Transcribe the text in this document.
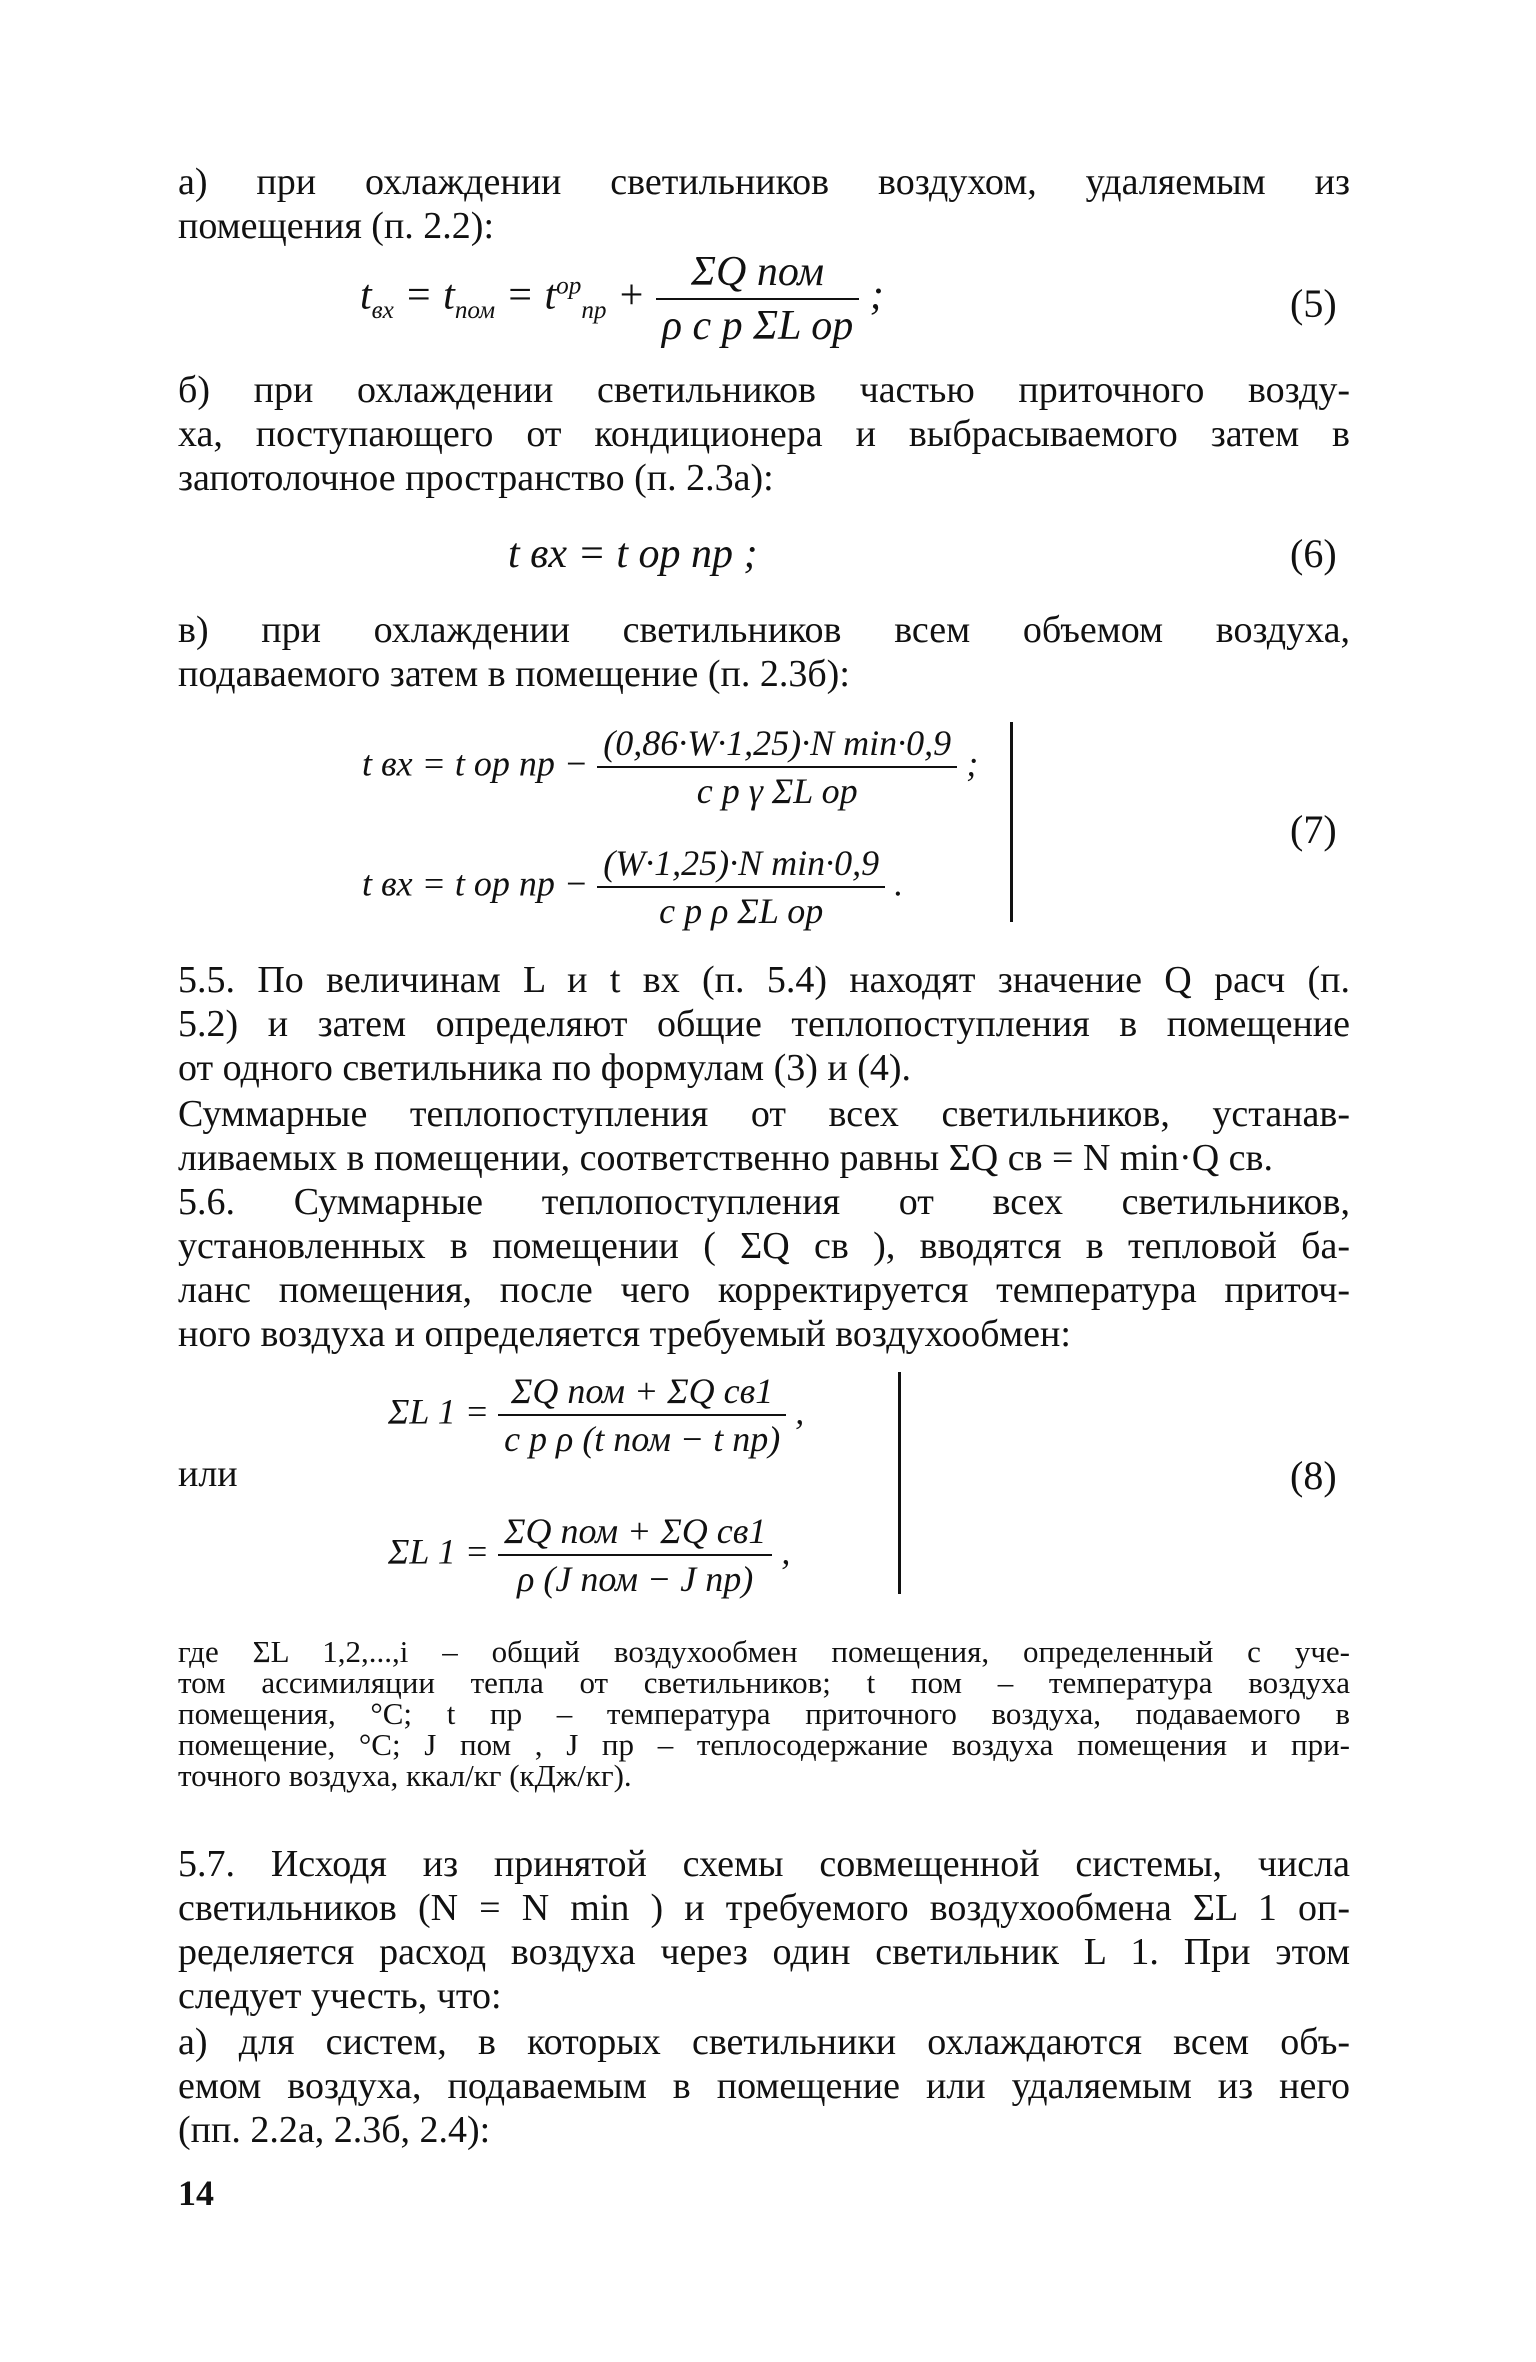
а) при охлаждении светильников воздухом, удаляемым из
помещения (п. 2.2):
$t_{вх} = t_{пом} = t^{ор}_{пр} + \frac{\text{ΣQ пом}}{\text{ρ c p ΣL ор}}$ ;	(5)
б) при охлаждении светильников частью приточного возду-
ха, поступающего от кондиционера и выбрасываемого затем в
запотолочное пространство (п. 2.3а):
t вх = t ор пр ;	(6)
в) при охлаждении светильников всем объемом воздуха,
подаваемого затем в помещение (п. 2.3б):
t вх = t ор пр − $\frac{\text{(0,86·W·1,25)·N min·0,9}}{\text{c p γ ΣL ор}}$ ;
t вх = t ор пр − $\frac{\text{(W·1,25)·N min·0,9}}{\text{c p ρ ΣL ор}}$ .
(7)
5.5. По величинам L и t вх (п. 5.4) находят значение Q расч (п.
5.2) и затем определяют общие теплопоступления в помещение
от одного светильника по формулам (3) и (4).
Суммарные теплопоступления от всех светильников, устанав-
ливаемых в помещении, соответственно равны ΣQ св = N min·Q св.
5.6. Суммарные теплопоступления от всех светильников,
установленных в помещении ( ΣQ св ), вводятся в тепловой ба-
ланс помещения, после чего корректируется температура приточ-
ного воздуха и определяется требуемый воздухообмен:
или
ΣL $1 = \frac{\text{ΣQ пом + ΣQ св1}}{\text{c p ρ (t пом − t пр)}}$ ,
ΣL $1 = \frac{\text{ΣQ пом + ΣQ св1}}{\text{ρ (J пом − J пр)}}$ ,
(8)
где ΣL 1,2,...,i – общий воздухообмен помещения, определенный с уче-
том ассимиляции тепла от светильников; t пом – температура воздуха
помещения, °С; t пр – температура приточного воздуха, подаваемого в
помещение, °С; J пом , J пр – теплосодержание воздуха помещения и при-
точного воздуха, ккал/кг (кДж/кг).
5.7. Исходя из принятой схемы совмещенной системы, числа
светильников (N = N min ) и требуемого воздухообмена ΣL 1 оп-
ределяется расход воздуха через один светильник L 1. При этом
следует учесть, что:
а) для систем, в которых светильники охлаждаются всем объ-
емом воздуха, подаваемым в помещение или удаляемым из него
(пп. 2.2а, 2.3б, 2.4):
14
